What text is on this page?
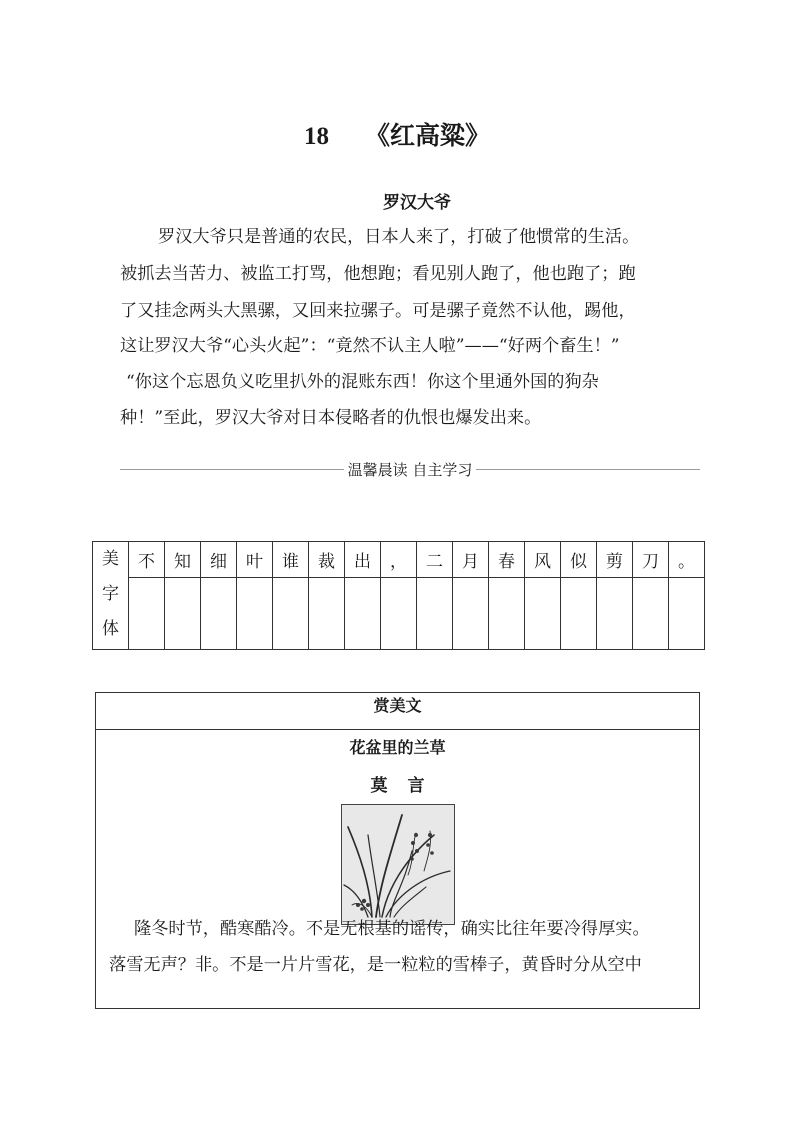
18 《红高粱》
罗汉大爷
罗汉大爷只是普通的农民，日本人来了，打破了他惯常的生活。
被抓去当苦力、被监工打骂，他想跑；看见别人跑了，他也跑了；跑
了又挂念两头大黑骡，又回来拉骡子。可是骡子竟然不认他，踢他，
这让罗汉大爷“心头火起”：“竟然不认主人啦”——“好两个畜生！”
“你这个忘恩负义吃里扒外的混账东西！你这个里通外国的狗杂
种！”至此，罗汉大爷对日本侵略者的仇恨也爆发出来。
温馨晨读 自主学习
美字体	不	知	细	叶	谁	裁	出	，	二	月	春	风	似	剪	刀	。

赏美文
花盆里的兰草
莫 言
隆冬时节，酷寒酷冷。不是无根基的谣传，确实比往年要冷得厚实。
落雪无声？非。不是一片片雪花，是一粒粒的雪棒子，黄昏时分从空中
